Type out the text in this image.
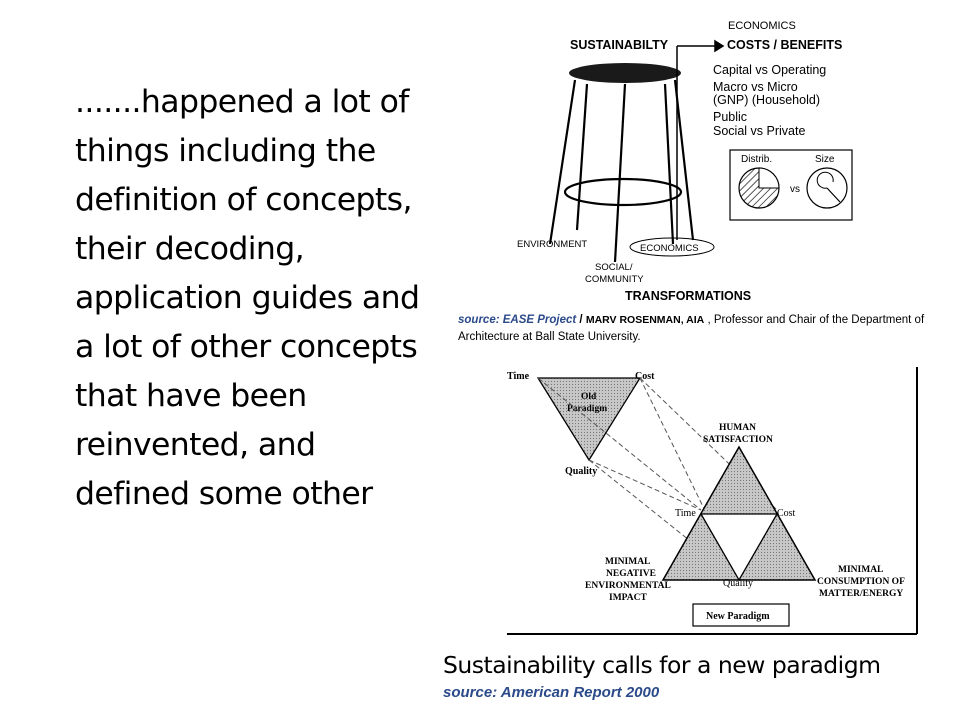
.......happened a lot of things including the definition of concepts, their decoding, application guides and a lot of other concepts that have been reinvented, and defined some other

SUSTAINABILTY
ECONOMICS
COSTS / BENEFITS
Capital vs Operating
Macro vs Micro
(GNP) (Household)
Public
Social vs Private
Distrib.	Size
vs
ENVIRONMENT
SOCIAL/
COMMUNITY
ECONOMICS
TRANSFORMATIONS
source: EASE Project / MARV ROSENMAN, AIA , Professor and Chair of the Department of Architecture at Ball State University.
Time	Cost
Old
Paradigm
Quality
HUMAN
SATISFACTION
Time	Cost
Quality
MINIMAL
NEGATIVE
ENVIRONMENTAL
IMPACT
MINIMAL
CONSUMPTION OF
MATTER/ENERGY
New Paradigm
Sustainability calls for a new paradigm
source: American Report 2000
